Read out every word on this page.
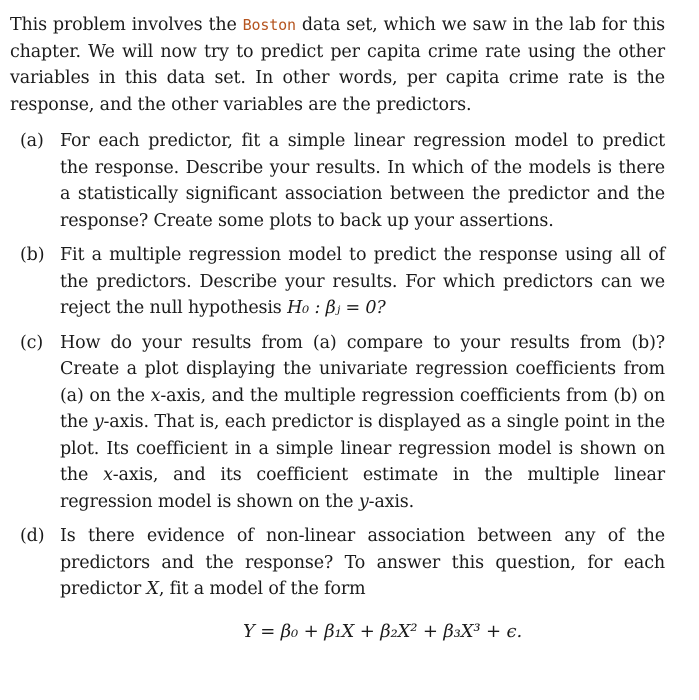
This problem involves the Boston data set, which we saw in the lab for this chapter. We will now try to predict per capita crime rate using the other variables in this data set. In other words, per capita crime rate is the response, and the other variables are the predictors.

(a) For each predictor, fit a simple linear regression model to predict the response. Describe your results. In which of the models is there a statistically significant association between the predictor and the response? Create some plots to back up your assertions.
(b) Fit a multiple regression model to predict the response using all of the predictors. Describe your results. For which predictors can we reject the null hypothesis H₀ : βⱼ = 0?
(c) How do your results from (a) compare to your results from (b)? Create a plot displaying the univariate regression coefficients from (a) on the x-axis, and the multiple regression coefficients from (b) on the y-axis. That is, each predictor is displayed as a single point in the plot. Its coefficient in a simple linear regression model is shown on the x-axis, and its coefficient estimate in the multiple linear regression model is shown on the y-axis.
(d) Is there evidence of non-linear association between any of the predictors and the response? To answer this question, for each predictor X, fit a model of the form
Y = β₀ + β₁X + β₂X² + β₃X³ + ϵ.
